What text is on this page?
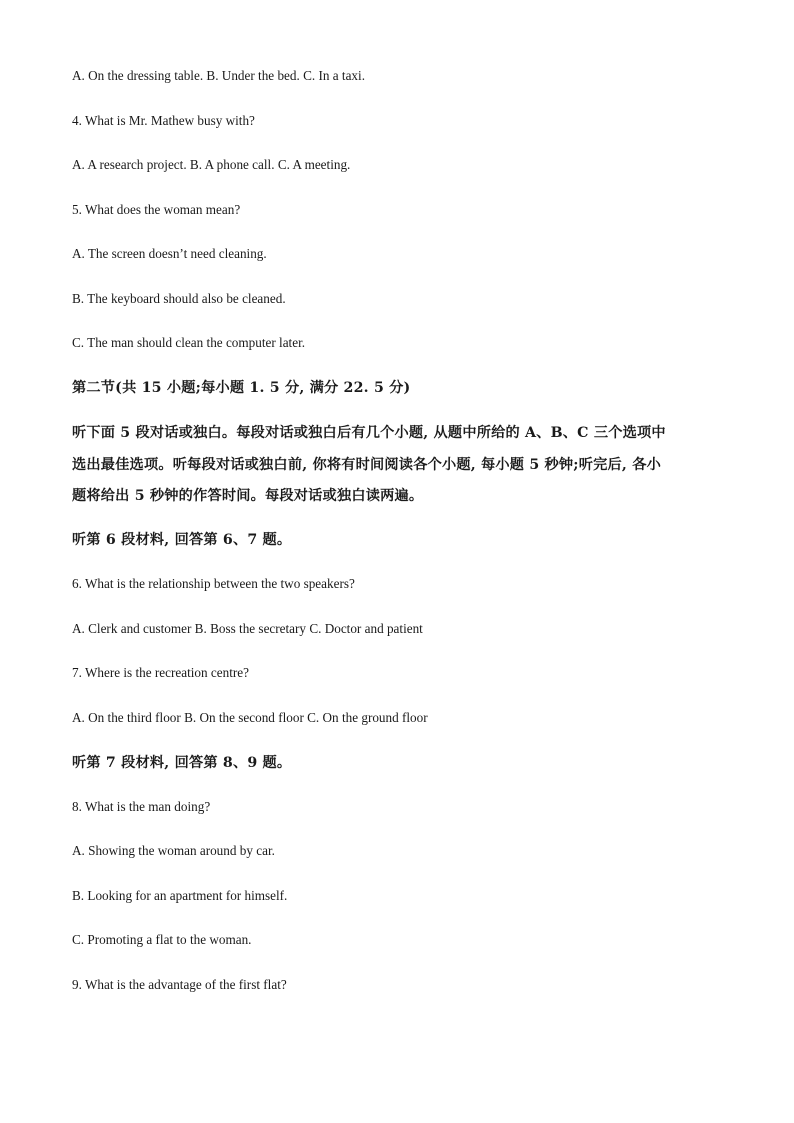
A. On the dressing table. B. Under the bed. C. In a taxi.
4. What is Mr. Mathew busy with?
A. A research project. B. A phone call. C. A meeting.
5. What does the woman mean?
A. The screen doesn’t need cleaning.
B. The keyboard should also be cleaned.
C. The man should clean the computer later.
第二节(共 15 小题;每小题 1. 5 分, 满分 22. 5 分)
听下面 5 段对话或独白。每段对话或独白后有几个小题, 从题中所给的 A、B、C 三个选项中
选出最佳选项。听每段对话或独白前, 你将有时间阅读各个小题, 每小题 5 秒钟;听完后, 各小
题将给出 5 秒钟的作答时间。每段对话或独白读两遍。
听第 6 段材料, 回答第 6、7 题。
6. What is the relationship between the two speakers?
A. Clerk and customer B. Boss the secretary C. Doctor and patient
7. Where is the recreation centre?
A. On the third floor B. On the second floor C. On the ground floor
听第 7 段材料, 回答第 8、9 题。
8. What is the man doing?
A. Showing the woman around by car.
B. Looking for an apartment for himself.
C. Promoting a flat to the woman.
9. What is the advantage of the first flat?
